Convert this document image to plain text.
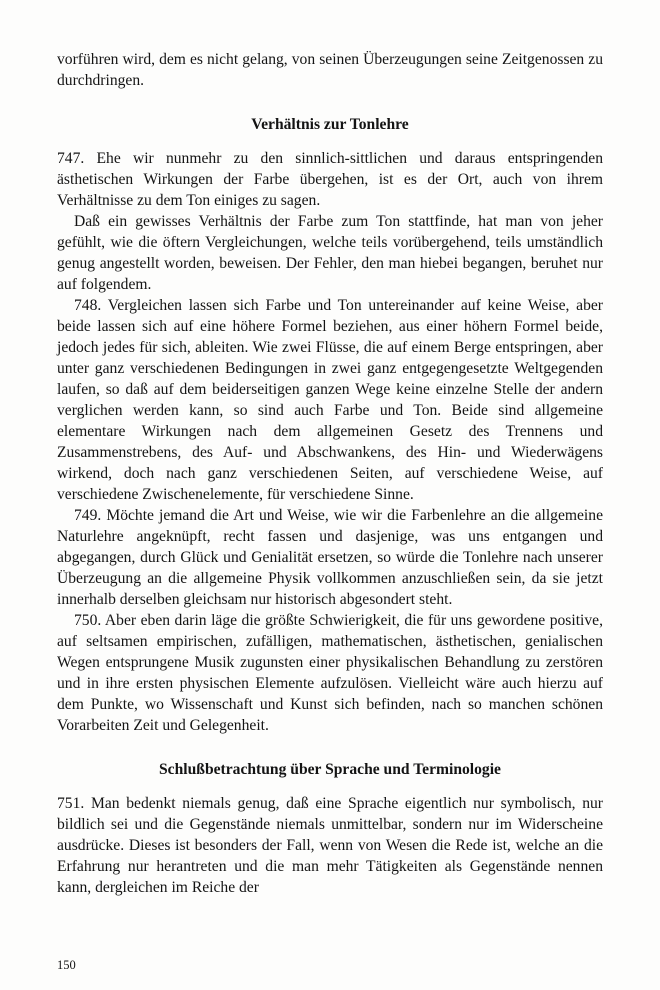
vorführen wird, dem es nicht gelang, von seinen Überzeugungen seine Zeitgenossen zu durchdringen.

Verhältnis zur Tonlehre

747. Ehe wir nunmehr zu den sinnlich-sittlichen und daraus entspringenden ästhetischen Wirkungen der Farbe übergehen, ist es der Ort, auch von ihrem Verhältnisse zu dem Ton einiges zu sagen.

Daß ein gewisses Verhältnis der Farbe zum Ton stattfinde, hat man von jeher gefühlt, wie die öftern Vergleichungen, welche teils vorübergehend, teils umständlich genug angestellt worden, beweisen. Der Fehler, den man hiebei begangen, beruhet nur auf folgendem.

748. Vergleichen lassen sich Farbe und Ton untereinander auf keine Weise, aber beide lassen sich auf eine höhere Formel beziehen, aus einer höhern Formel beide, jedoch jedes für sich, ableiten. Wie zwei Flüsse, die auf einem Berge entspringen, aber unter ganz verschiedenen Bedingungen in zwei ganz entgegengesetzte Weltgegenden laufen, so daß auf dem beiderseitigen ganzen Wege keine einzelne Stelle der andern verglichen werden kann, so sind auch Farbe und Ton. Beide sind allgemeine elementare Wirkungen nach dem allgemeinen Gesetz des Trennens und Zusammenstrebens, des Auf- und Abschwankens, des Hin- und Wiederwägens wirkend, doch nach ganz verschiedenen Seiten, auf verschiedene Weise, auf verschiedene Zwischenelemente, für verschiedene Sinne.

749. Möchte jemand die Art und Weise, wie wir die Farbenlehre an die allgemeine Naturlehre angeknüpft, recht fassen und dasjenige, was uns entgangen und abgegangen, durch Glück und Genialität ersetzen, so würde die Tonlehre nach unserer Überzeugung an die allgemeine Physik vollkommen anzuschließen sein, da sie jetzt innerhalb derselben gleichsam nur historisch abgesondert steht.

750. Aber eben darin läge die größte Schwierigkeit, die für uns gewordene positive, auf seltsamen empirischen, zufälligen, mathematischen, ästhetischen, genialischen Wegen entsprungene Musik zugunsten einer physikalischen Behandlung zu zerstören und in ihre ersten physischen Elemente aufzulösen. Vielleicht wäre auch hierzu auf dem Punkte, wo Wissenschaft und Kunst sich befinden, nach so manchen schönen Vorarbeiten Zeit und Gelegenheit.

Schlußbetrachtung über Sprache und Terminologie

751. Man bedenkt niemals genug, daß eine Sprache eigentlich nur symbolisch, nur bildlich sei und die Gegenstände niemals unmittelbar, sondern nur im Widerscheine ausdrücke. Dieses ist besonders der Fall, wenn von Wesen die Rede ist, welche an die Erfahrung nur herantreten und die man mehr Tätigkeiten als Gegenstände nennen kann, dergleichen im Reiche der

150
